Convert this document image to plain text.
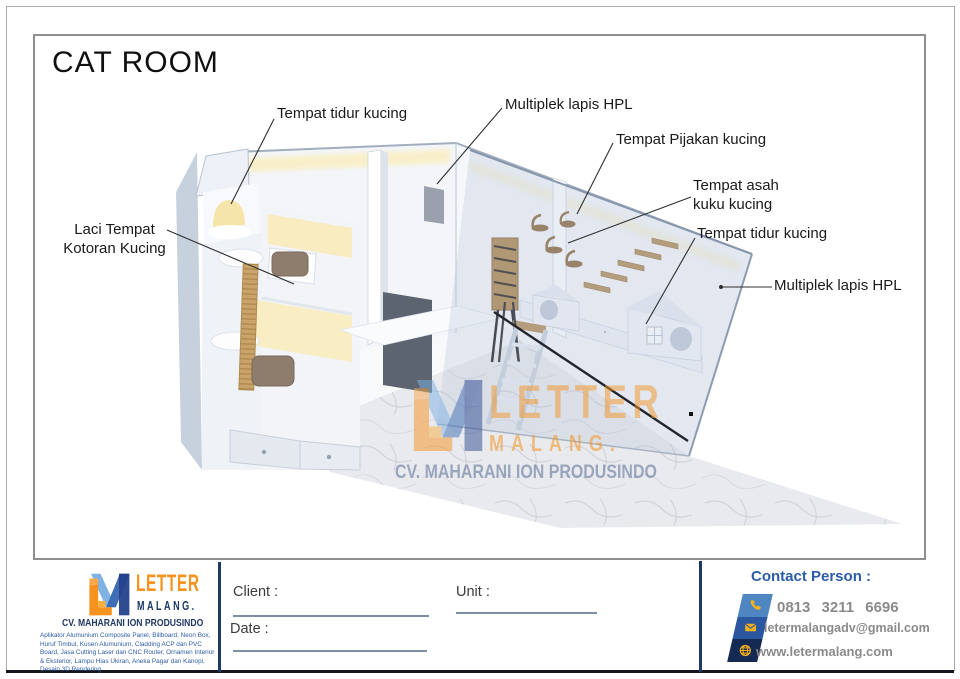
CAT ROOM
Tempat tidur kucing
Multiplek lapis HPL
Tempat Pijakan kucing
Tempat asah
kuku kucing
Tempat tidur kucing
Multiplek lapis HPL
Laci Tempat
Kotoran Kucing
LETTER
MALANG.
CV. MAHARANI ION PRODUSINDO
LETTER
MALANG.
CV. MAHARANI ION PRODUSINDO
Aplikator Alumunium Composite Panel, Billboard, Neon Box, Huruf Timbul, Kusen Alumunium, Cladding ACP dan PVC Board, Jasa Cutting Laser dan CNC Router, Ornamen Interior & Eksterior, Lampu Hias Ukiran, Aneka Pagar dan Kanopi, Desain 3D Rendering
Client :
Date :
Unit :
Contact Person :
0813 3211 6696
letermalangadv@gmail.com
www.letermalang.com
